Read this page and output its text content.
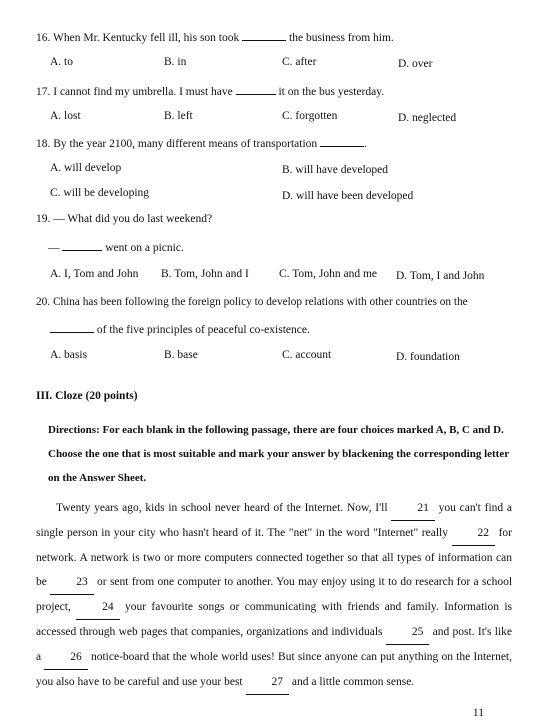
16. When Mr. Kentucky fell ill, his son took	the business from him.
A. to	B. in	C. after	D. over
17. I cannot find my umbrella. I must have	it on the bus yesterday.
A. lost	B. left	C. forgotten	D. neglected
18. By the year 2100, many different means of transportation	.
A. will develop	B. will have developed
C. will be developing	D. will have been developed
19. — What did you do last weekend?
—	went on a picnic.
A. I, Tom and John B. Tom, John and I	C. Tom, John and me D. Tom, I and John
20. China has been following the foreign policy to develop relations with other countries on the
of the five principles of peaceful co-existence.
A. basis	B. base	C. account	D. foundation
III. Cloze (20 points)
Directions: For each blank in the following passage, there are four choices marked A, B, C and D. Choose the one that is most suitable and mark your answer by blackening the corresponding letter on the Answer Sheet.
Twenty years ago, kids in school never heard of the Internet. Now, I'll	21 you can't find a single person in your city who hasn't heard of it. The "net" in the word "Internet" really	22 for network. A network is two or more computers connected together so that all types of information can be	23 or sent from one computer to another. You may enjoy using it to do research for a school project,	24 your favourite songs or communicating with friends and family. Information is accessed through web pages that companies, organizations and individuals	25 and post. It's like a	26 notice-board that the whole world uses! But since anyone can put anything on the Internet, you also have to be careful and use your best	27 and a little common sense.
11
